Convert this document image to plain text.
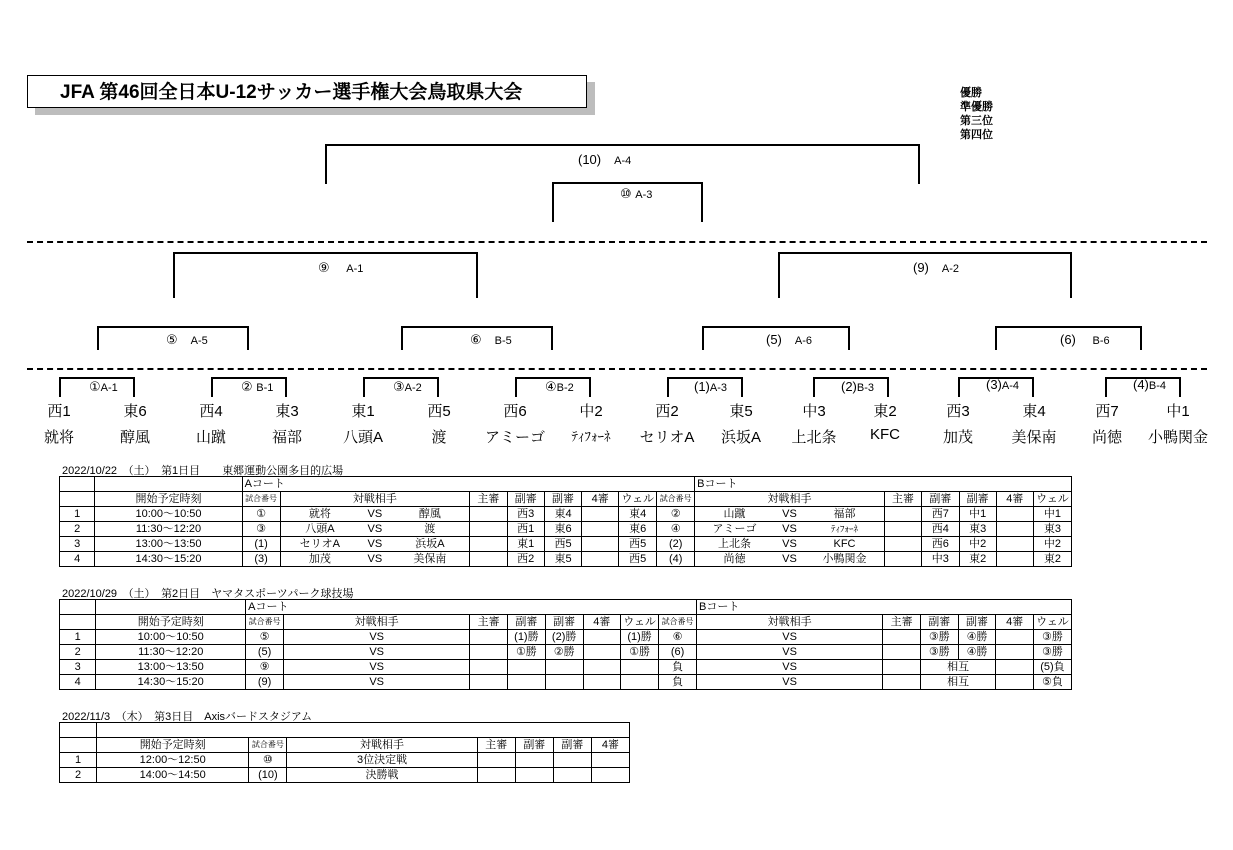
JFA 第46回全日本U-12サッカー選手権大会鳥取県大会	優勝
準優勝
第三位
第四位
(10)　 A-4
⑩ A-3
⑨　 A-1	(9)　 A-2
⑤　 A-5	⑥　 B-5	(5)　 A-6	(6)　 B-6
①A-1	② B-1	③A-2	④B-2	(1)A-3	(2)B-3	(3)A-4	(4)B-4
西1
就将
東6
醇風
西4
山蹴
東3
福部
東1
八頭A
西5
渡
西6
アミーゴ
中2
ﾃｨﾌｫｰﾈ
西2
セリオA
東5
浜坂A
中3
上北条
東2
KFC
西3
加茂
東4
美保南
西7
尚徳
中1
小鴨関金
2022/10/22　 （土）　 第1日目　　 東郷運動公園多目的広場
		Aコート								Bコート					
	開始予定時刻	試合番号	対戦相手	主審	副審	副審	4審	ウェル	試合番号	対戦相手	主審	副審	副審	4審	ウェル
1	10:00〜10:50	①	就将 VS 醇風		西3	東4		東4	②	山蹴 VS 福部		西7	中1		中1
2	11:30〜12:20	③	八頭A VS 渡		西1	東6		東6	④	アミーゴ VS ﾃｨﾌｫｰﾈ		西4	東3		東3
3	13:00〜13:50	(1)	セリオA VS 浜坂A		東1	西5		西5	(2)	上北条 VS KFC		西6	中2		中2
4	14:30〜15:20	(3)	加茂 VS 美保南		西2	東5		西5	(4)	尚徳 VS 小鴨関金		中3	東2		東2
2022/10/29　 （土）　 第2日目　 ヤマタスポーツパーク球技場
		Aコート								Bコート					
	開始予定時刻	試合番号	対戦相手	主審	副審	副審	4審	ウェル	試合番号	対戦相手	主審	副審	副審	4審	ウェル
1	10:00〜10:50	⑤	VS		(1)勝	(2)勝		(1)勝	⑥	VS		③勝	④勝		③勝
2	11:30〜12:20	(5)	VS		①勝	②勝		①勝	(6)	VS		③勝	④勝		③勝
3	13:00〜13:50	⑨	VS						負	VS		相互			(5)負
4	14:30〜15:20	(9)	VS						負	VS		相互			⑤負
2022/11/3　 （木）　 第3日目　 Axisバードスタジアム

	開始予定時刻	試合番号	対戦相手	主審	副審	副審	4審
1	12:00〜12:50	⑩	3位決定戦				
2	14:00〜14:50	(10)	決勝戦				
